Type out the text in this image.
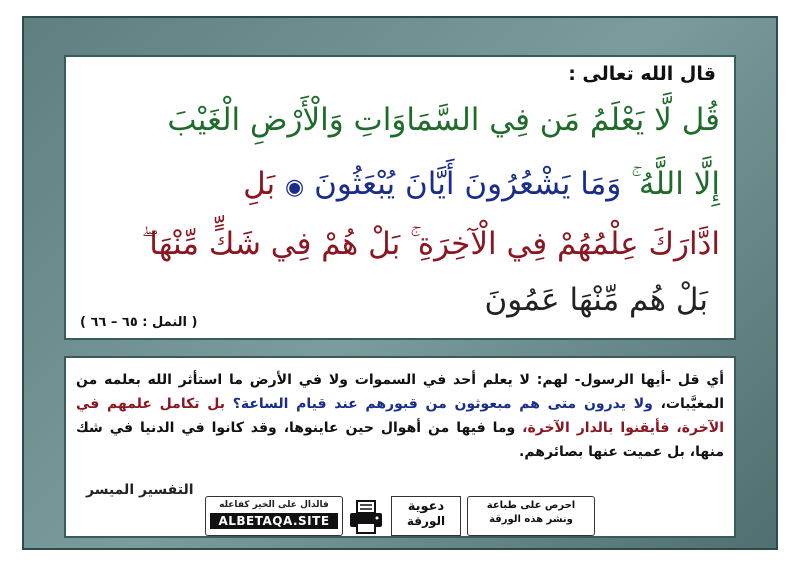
قال الله تعالى :
قُل لَّا يَعْلَمُ مَن فِي السَّمَاوَاتِ وَالْأَرْضِ الْغَيْبَ
إِلَّا اللَّهُ ۚ وَمَا يَشْعُرُونَ أَيَّانَ يُبْعَثُونَ ◉ بَلِ
ادَّارَكَ عِلْمُهُمْ فِي الْآخِرَةِ ۚ بَلْ هُمْ فِي شَكٍّ مِّنْهَا ۖ
بَلْ هُم مِّنْهَا عَمُونَ
( النمل : ٦٥ – ٦٦ )
أي قل -أيها الرسول- لهم: لا يعلم أحد في السموات ولا في الأرض ما استأثر الله بعلمه من المغيَّبات، ولا يدرون متى هم مبعوثون من قبورهم عند قيام الساعة؟ بل تكامل علمهم في الآخرة، فأيقنوا بالدار الآخرة، وما فيها من أهوال حين عاينوها، وقد كانوا في الدنيا في شك منها، بل عميت عنها بصائرهم.
التفسير الميسر
فالدال على الخير كفاعله
ALBETAQA.SITE
دعوية
الورقة
احرص على طباعة
ونشر هذه الورقة
